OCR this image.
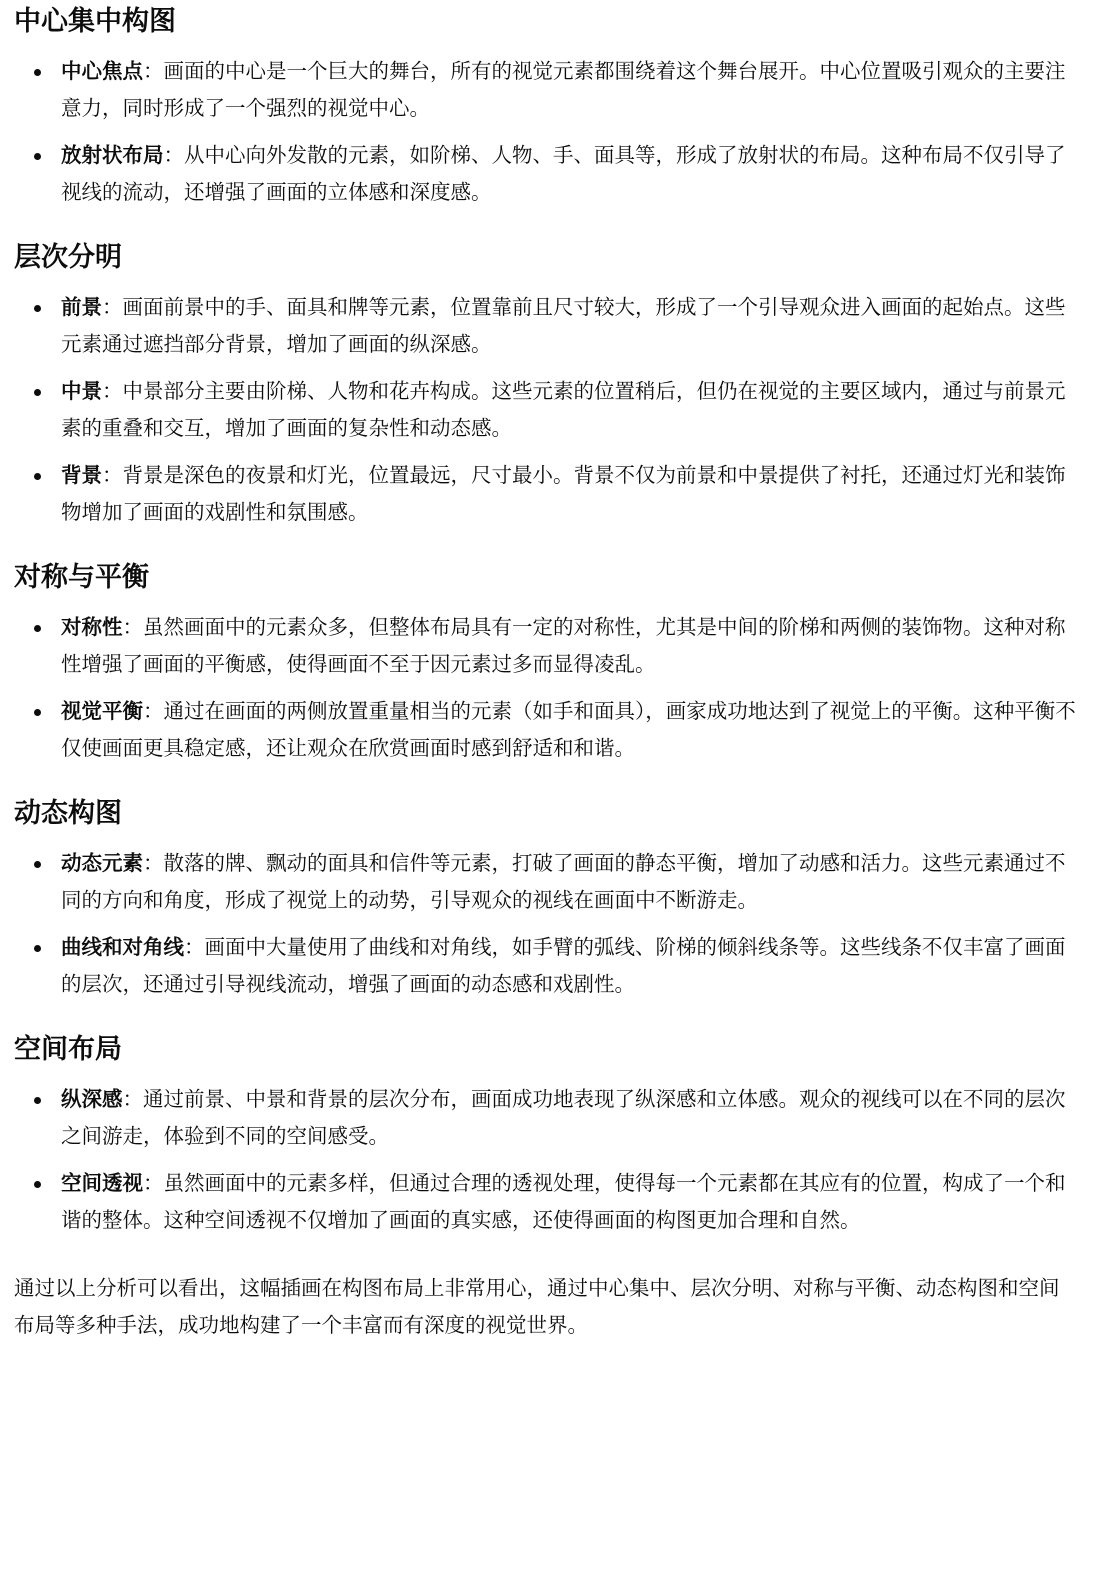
中心集中构图
中心焦点：画面的中心是一个巨大的舞台，所有的视觉元素都围绕着这个舞台展开。中心位置吸引观众的主要注意力，同时形成了一个强烈的视觉中心。
放射状布局：从中心向外发散的元素，如阶梯、人物、手、面具等，形成了放射状的布局。这种布局不仅引导了视线的流动，还增强了画面的立体感和深度感。
层次分明
前景：画面前景中的手、面具和牌等元素，位置靠前且尺寸较大，形成了一个引导观众进入画面的起始点。这些元素通过遮挡部分背景，增加了画面的纵深感。
中景：中景部分主要由阶梯、人物和花卉构成。这些元素的位置稍后，但仍在视觉的主要区域内，通过与前景元素的重叠和交互，增加了画面的复杂性和动态感。
背景：背景是深色的夜景和灯光，位置最远，尺寸最小。背景不仅为前景和中景提供了衬托，还通过灯光和装饰物增加了画面的戏剧性和氛围感。
对称与平衡
对称性：虽然画面中的元素众多，但整体布局具有一定的对称性，尤其是中间的阶梯和两侧的装饰物。这种对称性增强了画面的平衡感，使得画面不至于因元素过多而显得凌乱。
视觉平衡：通过在画面的两侧放置重量相当的元素（如手和面具），画家成功地达到了视觉上的平衡。这种平衡不仅使画面更具稳定感，还让观众在欣赏画面时感到舒适和和谐。
动态构图
动态元素：散落的牌、飘动的面具和信件等元素，打破了画面的静态平衡，增加了动感和活力。这些元素通过不同的方向和角度，形成了视觉上的动势，引导观众的视线在画面中不断游走。
曲线和对角线：画面中大量使用了曲线和对角线，如手臂的弧线、阶梯的倾斜线条等。这些线条不仅丰富了画面的层次，还通过引导视线流动，增强了画面的动态感和戏剧性。
空间布局
纵深感：通过前景、中景和背景的层次分布，画面成功地表现了纵深感和立体感。观众的视线可以在不同的层次之间游走，体验到不同的空间感受。
空间透视：虽然画面中的元素多样，但通过合理的透视处理，使得每一个元素都在其应有的位置，构成了一个和谐的整体。这种空间透视不仅增加了画面的真实感，还使得画面的构图更加合理和自然。

通过以上分析可以看出，这幅插画在构图布局上非常用心，通过中心集中、层次分明、对称与平衡、动态构图和空间布局等多种手法，成功地构建了一个丰富而有深度的视觉世界。
